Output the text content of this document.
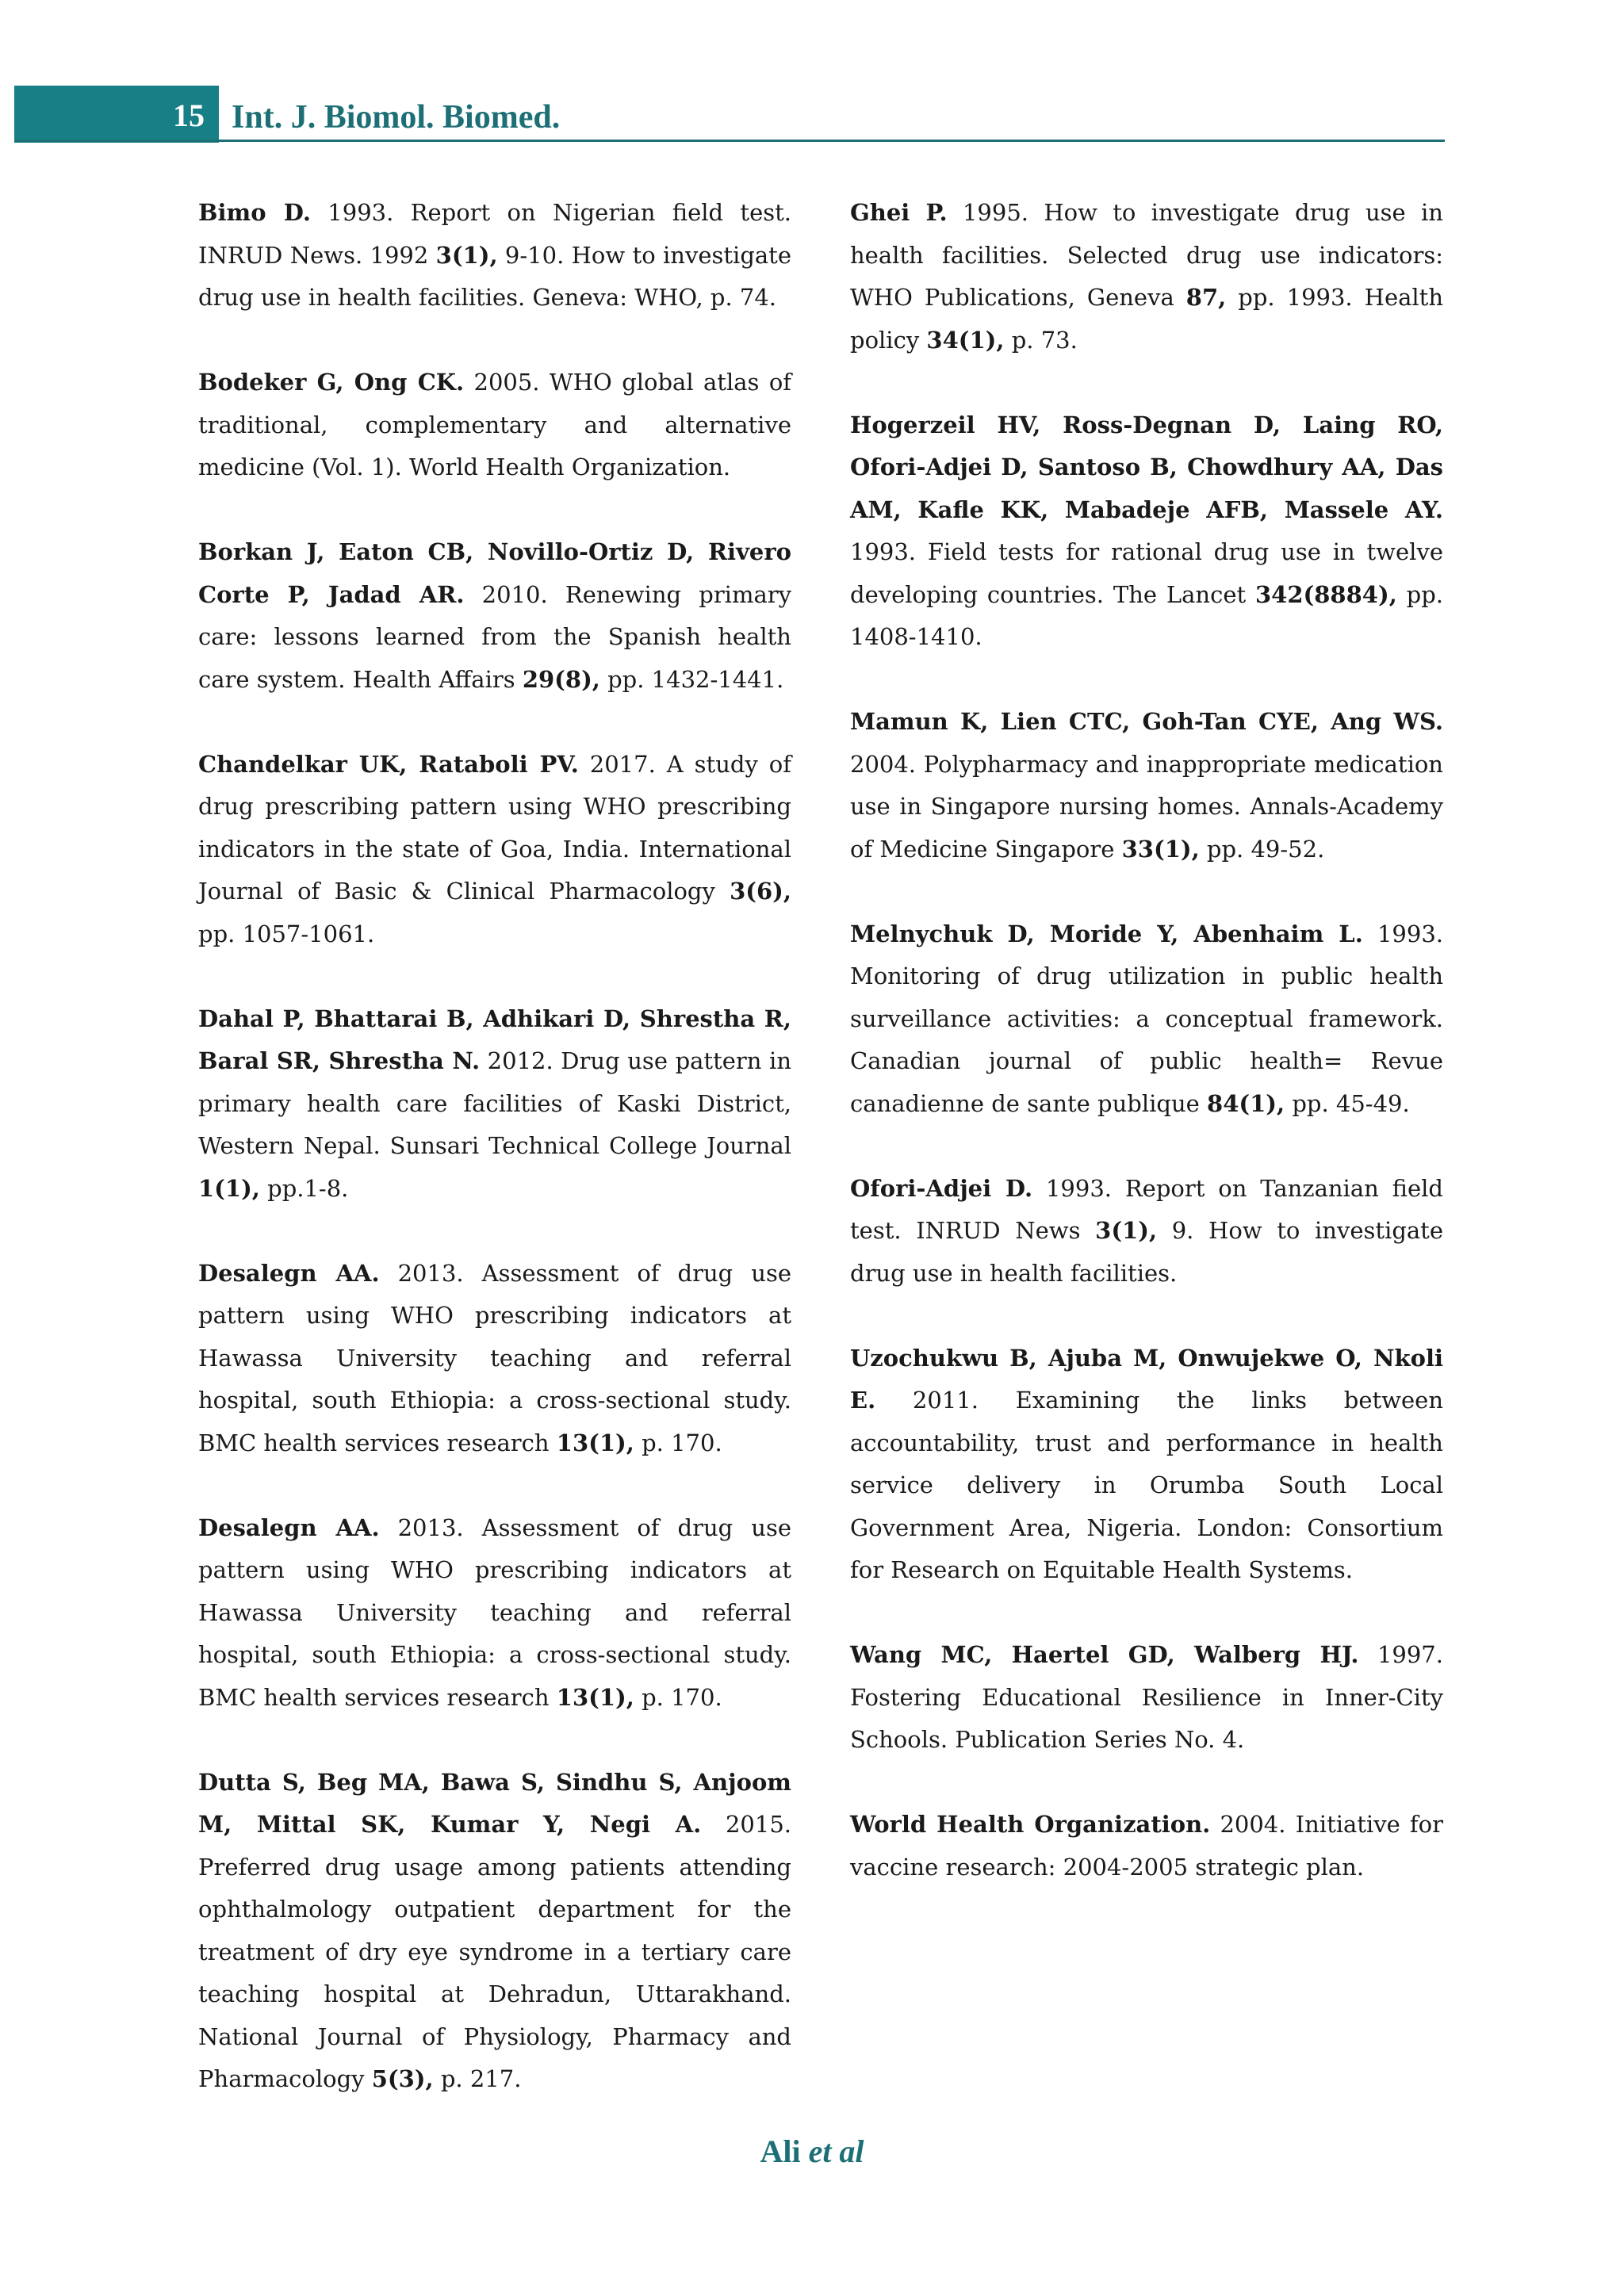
15 Int. J. Biomol. Biomed.

Bimo D. 1993. Report on Nigerian field test. INRUD News. 1992 3(1), 9-10. How to investigate drug use in health facilities. Geneva: WHO, p. 74.

Bodeker G, Ong CK. 2005. WHO global atlas of traditional, complementary and alternative medicine (Vol. 1). World Health Organization.

Borkan J, Eaton CB, Novillo-Ortiz D, Rivero Corte P, Jadad AR. 2010. Renewing primary care: lessons learned from the Spanish health care system. Health Affairs 29(8), pp. 1432-1441.

Chandelkar UK, Rataboli PV. 2017. A study of drug prescribing pattern using WHO prescribing indicators in the state of Goa, India. International Journal of Basic & Clinical Pharmacology 3(6), pp. 1057-1061.

Dahal P, Bhattarai B, Adhikari D, Shrestha R, Baral SR, Shrestha N. 2012. Drug use pattern in primary health care facilities of Kaski District, Western Nepal. Sunsari Technical College Journal 1(1), pp.1-8.

Desalegn AA. 2013. Assessment of drug use pattern using WHO prescribing indicators at Hawassa University teaching and referral hospital, south Ethiopia: a cross-sectional study. BMC health services research 13(1), p. 170.

Desalegn AA. 2013. Assessment of drug use pattern using WHO prescribing indicators at Hawassa University teaching and referral hospital, south Ethiopia: a cross-sectional study. BMC health services research 13(1), p. 170.

Dutta S, Beg MA, Bawa S, Sindhu S, Anjoom M, Mittal SK, Kumar Y, Negi A. 2015. Preferred drug usage among patients attending ophthalmology outpatient department for the treatment of dry eye syndrome in a tertiary care teaching hospital at Dehradun, Uttarakhand. National Journal of Physiology, Pharmacy and Pharmacology 5(3), p. 217.

Ghei P. 1995. How to investigate drug use in health facilities. Selected drug use indicators: WHO Publications, Geneva 87, pp. 1993. Health policy 34(1), p. 73.

Hogerzeil HV, Ross-Degnan D, Laing RO, Ofori-Adjei D, Santoso B, Chowdhury AA, Das AM, Kafle KK, Mabadeje AFB, Massele AY. 1993. Field tests for rational drug use in twelve developing countries. The Lancet 342(8884), pp. 1408-1410.

Mamun K, Lien CTC, Goh-Tan CYE, Ang WS. 2004. Polypharmacy and inappropriate medication use in Singapore nursing homes. Annals-Academy of Medicine Singapore 33(1), pp. 49-52.

Melnychuk D, Moride Y, Abenhaim L. 1993. Monitoring of drug utilization in public health surveillance activities: a conceptual framework. Canadian journal of public health= Revue canadienne de sante publique 84(1), pp. 45-49.

Ofori-Adjei D. 1993. Report on Tanzanian field test. INRUD News 3(1), 9. How to investigate drug use in health facilities.

Uzochukwu B, Ajuba M, Onwujekwe O, Nkoli E. 2011. Examining the links between accountability, trust and performance in health service delivery in Orumba South Local Government Area, Nigeria. London: Consortium for Research on Equitable Health Systems.

Wang MC, Haertel GD, Walberg HJ. 1997. Fostering Educational Resilience in Inner-City Schools. Publication Series No. 4.

World Health Organization. 2004. Initiative for vaccine research: 2004-2005 strategic plan.

Ali et al
